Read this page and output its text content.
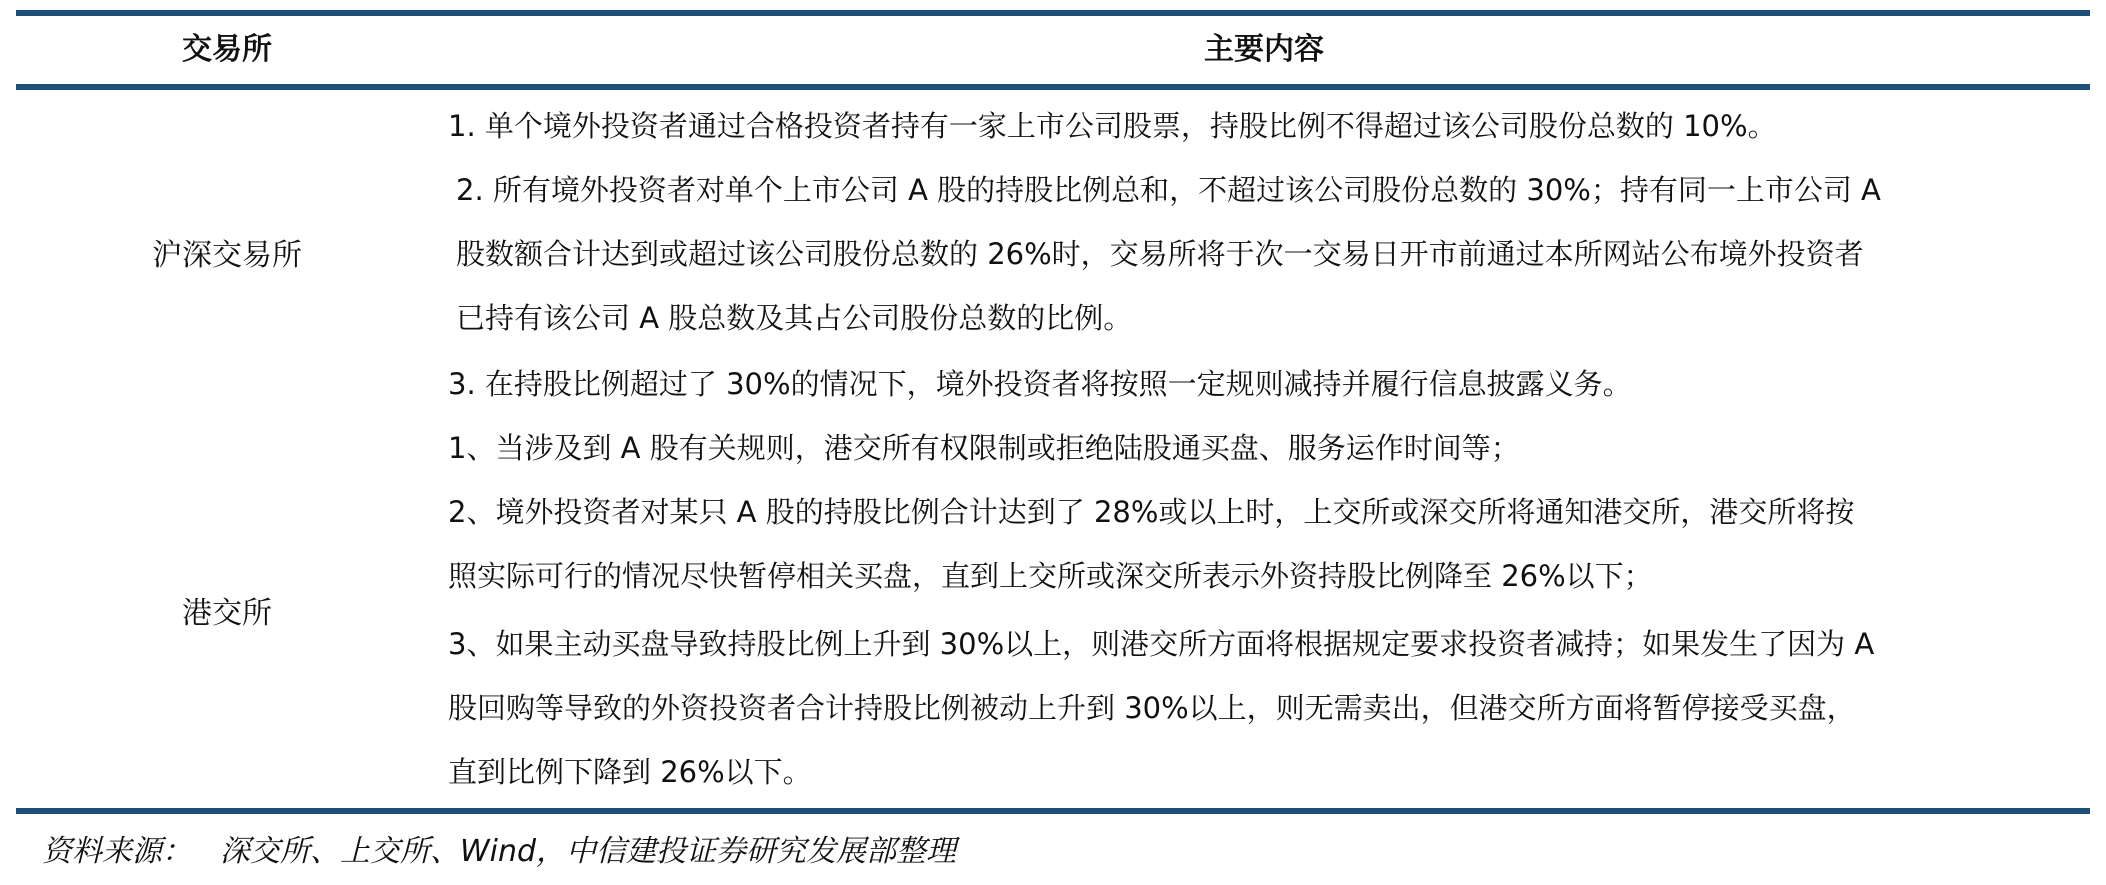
交易所	主要内容
沪深交易所
1. 单个境外投资者通过合格投资者持有一家上市公司股票，持股比例不得超过该公司股份总数的 10%。
2. 所有境外投资者对单个上市公司 A 股的持股比例总和，不超过该公司股份总数的 30%；持有同一上市公司 A
股数额合计达到或超过该公司股份总数的 26%时，交易所将于次一交易日开市前通过本所网站公布境外投资者
已持有该公司 A 股总数及其占公司股份总数的比例。
3. 在持股比例超过了 30%的情况下，境外投资者将按照一定规则减持并履行信息披露义务。
港交所
1、当涉及到 A 股有关规则，港交所有权限制或拒绝陆股通买盘、服务运作时间等；
2、境外投资者对某只 A 股的持股比例合计达到了 28%或以上时，上交所或深交所将通知港交所，港交所将按
照实际可行的情况尽快暂停相关买盘，直到上交所或深交所表示外资持股比例降至 26%以下；
3、如果主动买盘导致持股比例上升到 30%以上，则港交所方面将根据规定要求投资者减持；如果发生了因为 A
股回购等导致的外资投资者合计持股比例被动上升到 30%以上，则无需卖出，但港交所方面将暂停接受买盘，
直到比例下降到 26%以下。
资料来源： 深交所、上交所、Wind，中信建投证券研究发展部整理
